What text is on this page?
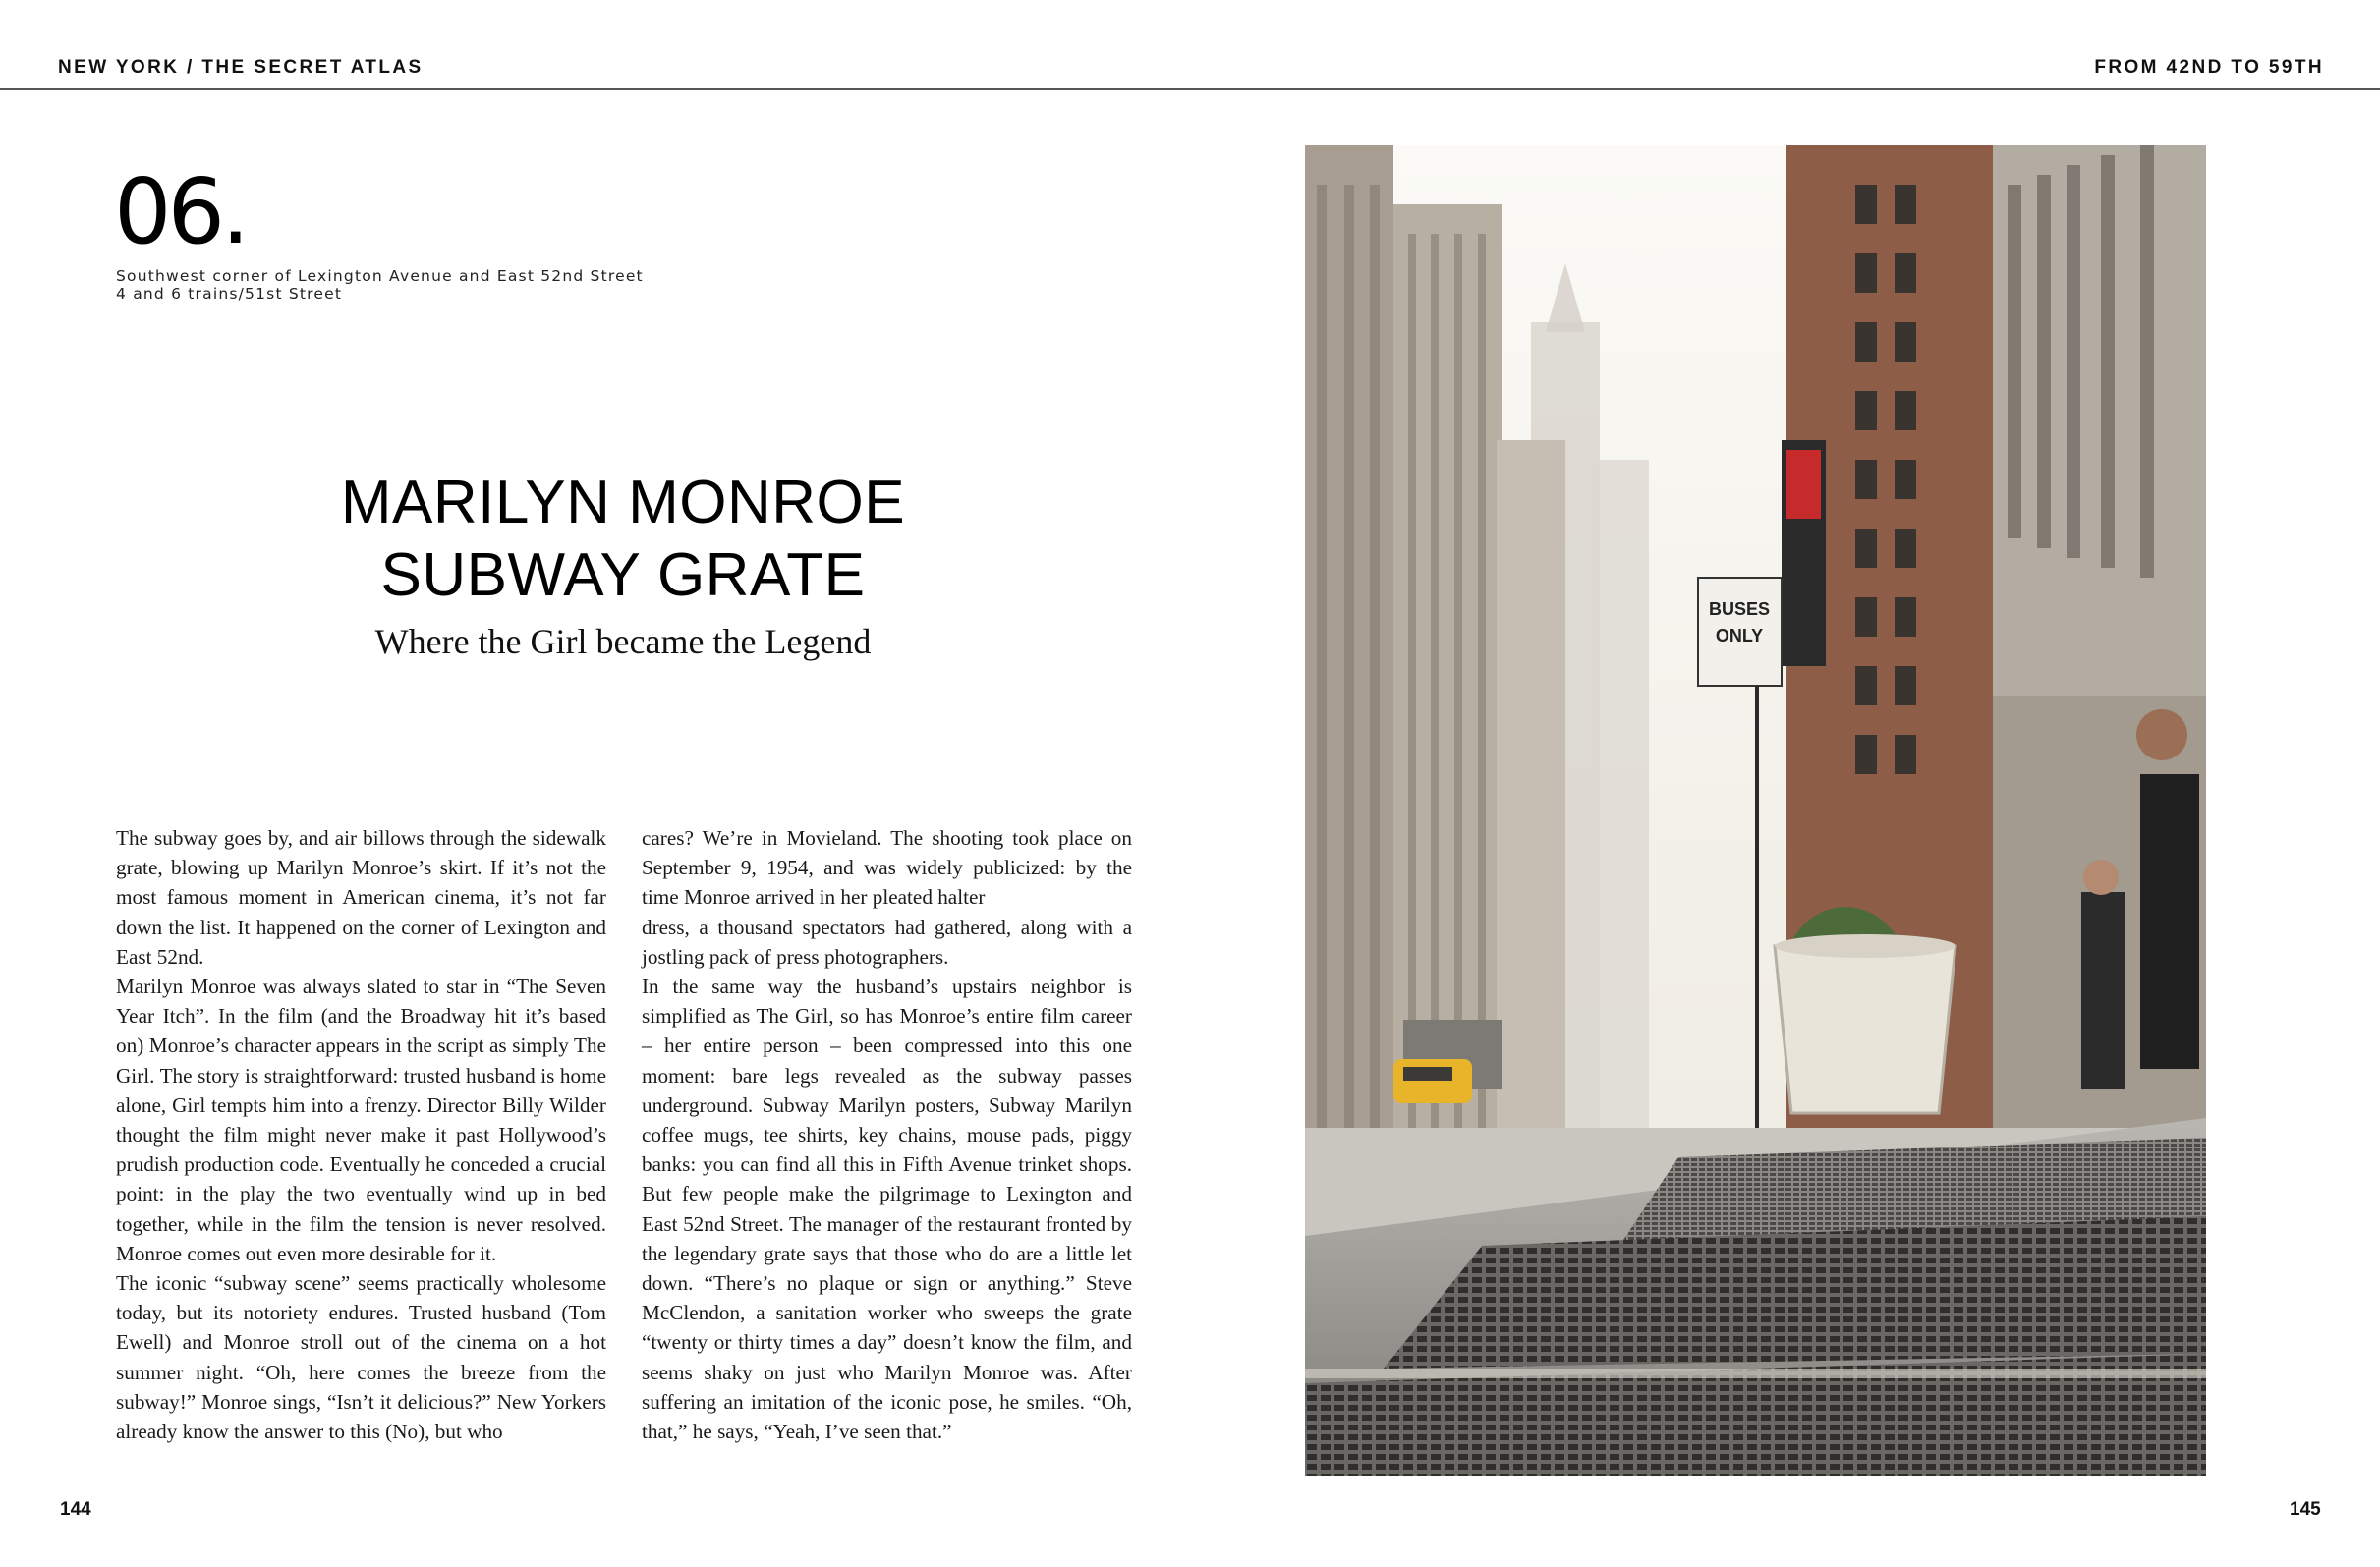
NEW YORK / THE SECRET ATLAS	FROM 42ND TO 59TH
06.
Southwest corner of Lexington Avenue and East 52nd Street
4 and 6 trains/51st Street
MARILYN MONROE
SUBWAY GRATE
Where the Girl became the Legend

The subway goes by, and air billows through the sidewalk grate, blowing up Marilyn Monroe’s skirt. If it’s not the most famous moment in American cinema, it’s not far down the list. It happened on the corner of Lexington and East 52nd.

Marilyn Monroe was always slated to star in “The Seven Year Itch”. In the film (and the Broadway hit it’s based on) Monroe’s character appears in the script as simply The Girl. The story is straightforward: trusted husband is home alone, Girl tempts him into a frenzy. Director Billy Wilder thought the film might never make it past Hollywood’s prudish production code. Eventually he conceded a crucial point: in the play the two eventually wind up in bed together, while in the film the tension is never resolved. Monroe comes out even more desirable for it.

The iconic “subway scene” seems practically wholesome today, but its notoriety endures. Trusted husband (Tom Ewell) and Monroe stroll out of the cinema on a hot summer night. “Oh, here comes the breeze from the subway!” Monroe sings, “Isn’t it delicious?” New Yorkers already know the answer to this (No), but who

cares? We’re in Movieland. The shooting took place on September 9, 1954, and was widely publicized: by the time Monroe arrived in her pleated halter

dress, a thousand spectators had gathered, along with a jostling pack of press photographers.

In the same way the husband’s upstairs neighbor is simplified as The Girl, so has Monroe’s entire film career – her entire person – been compressed into this one moment: bare legs revealed as the subway passes underground. Subway Marilyn posters, Subway Marilyn coffee mugs, tee shirts, key chains, mouse pads, piggy banks: you can find all this in Fifth Avenue trinket shops. But few people make the pilgrimage to Lexington and East 52nd Street. The manager of the restaurant fronted by the legendary grate says that those who do are a little let down. “There’s no plaque or sign or anything.” Steve McClendon, a sanitation worker who sweeps the grate “twenty or thirty times a day” doesn’t know the film, and seems shaky on just who Marilyn Monroe was. After suffering an imitation of the iconic pose, he smiles. “Oh, that,” he says, “Yeah, I’ve seen that.”

144	145
BUSES
ONLY
